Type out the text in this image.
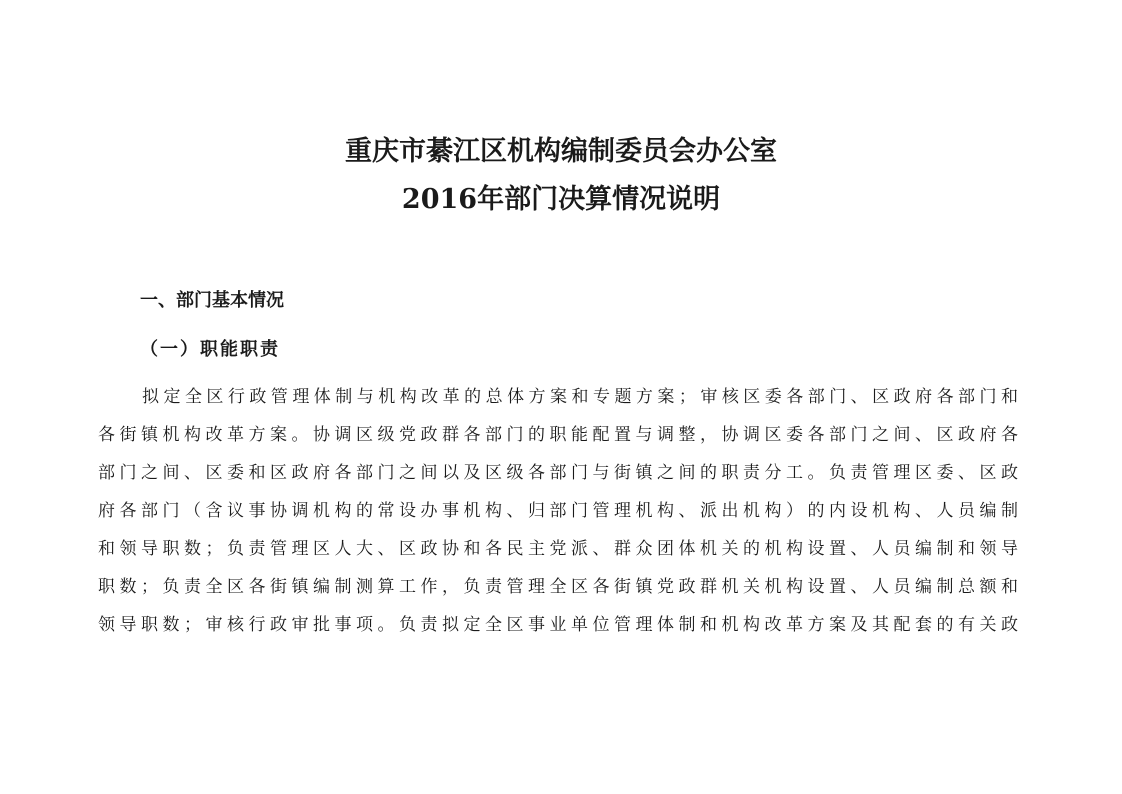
重庆市綦江区机构编制委员会办公室
2016年部门决算情况说明
一、部门基本情况
（一）职能职责
拟定全区行政管理体制与机构改革的总体方案和专题方案；审核区委各部门、区政府各部门和
各街镇机构改革方案。协调区级党政群各部门的职能配置与调整，协调区委各部门之间、区政府各
部门之间、区委和区政府各部门之间以及区级各部门与街镇之间的职责分工。负责管理区委、区政
府各部门（含议事协调机构的常设办事机构、归部门管理机构、派出机构）的内设机构、人员编制
和领导职数；负责管理区人大、区政协和各民主党派、群众团体机关的机构设置、人员编制和领导
职数；负责全区各街镇编制测算工作，负责管理全区各街镇党政群机关机构设置、人员编制总额和
领导职数；审核行政审批事项。负责拟定全区事业单位管理体制和机构改革方案及其配套的有关政
